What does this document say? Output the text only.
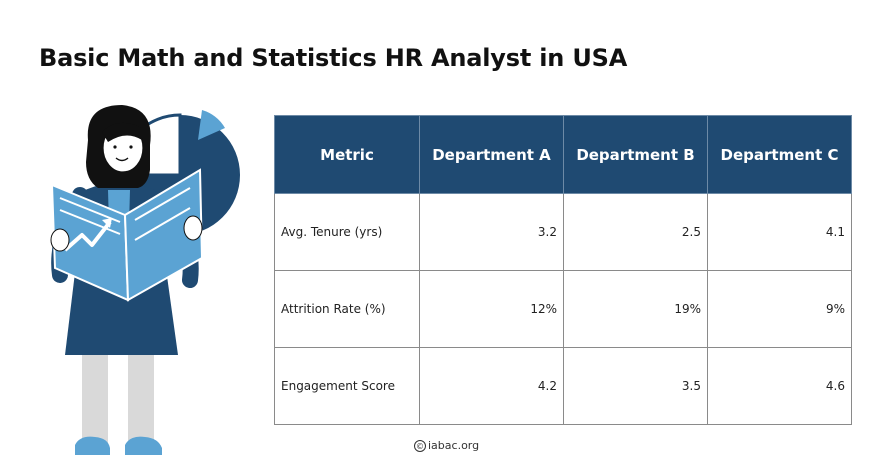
Basic Math and Statistics HR Analyst in USA
Metric	Department A	Department B	Department C
Avg. Tenure (yrs)	3.2	2.5	4.1
Attrition Rate (%)	12%	19%	9%
Engagement Score	4.2	3.5	4.6
© iabac.org
